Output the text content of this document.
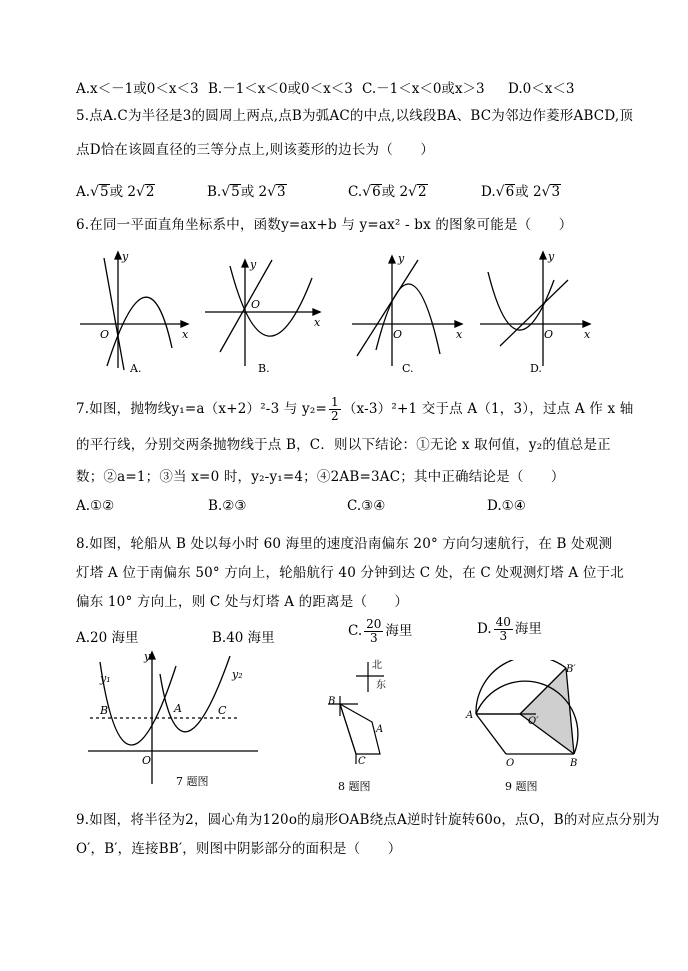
A.x＜－1或0＜x＜3 B.－1＜x＜0或0＜x＜3 C.－1＜x＜0或x＞3 D.0＜x＜3
5.点A.C为半径是3的圆周上两点,点B为弧AC的中点,以线段BA、BC为邻边作菱形ABCD,顶
点D恰在该圆直径的三等分点上,则该菱形的边长为（　　）
A.√5或 2√2	B.√5或 2√3	C.√6或 2√2	D.√6或 2√3
6.在同一平面直角坐标系中，函数y=ax+b 与 y=ax² - bx 的图象可能是（　　）
y
x
O
y
x
O
y
x
O
y
x
O
A.	B.	C.	D.
7.如图，抛物线y₁=a（x+2）²-3 与 $y_2= \frac{1}{2} (x-3)^2+1$ 交于点 A（1，3），过点 A 作 x 轴
的平行线，分别交两条抛物线于点 B，C．则以下结论：①无论 x 取何值，y₂的值总是正
数；②a=1；③当 x=0 时，y₂-y₁=4；④2AB=3AC；其中正确结论是（　　）
A.①②	B.②③	C.③④	D.①④
8.如图，轮船从 B 处以每小时 60 海里的速度沿南偏东 20° 方向匀速航行，在 B 处观测
灯塔 A 位于南偏东 50° 方向上，轮船航行 40 分钟到达 C 处，在 C 处观测灯塔 A 位于北
偏东 10° 方向上，则 C 处与灯塔 A 的距离是（　　）
A.20 海里	B.40 海里	C. $\frac{20}{3}$ 海里	D. $\frac{40}{3}$ 海里
y
y₁	y₂
B	A	C
O
7 题图
北
东
B
A
C
8 题图
B′
A
O′
O	B
9 题图
9.如图，将半径为2，圆心角为120o的扇形OAB绕点A逆时针旋转60o，点O，B的对应点分别为
O′，B′，连接BB′，则图中阴影部分的面积是（　　）
